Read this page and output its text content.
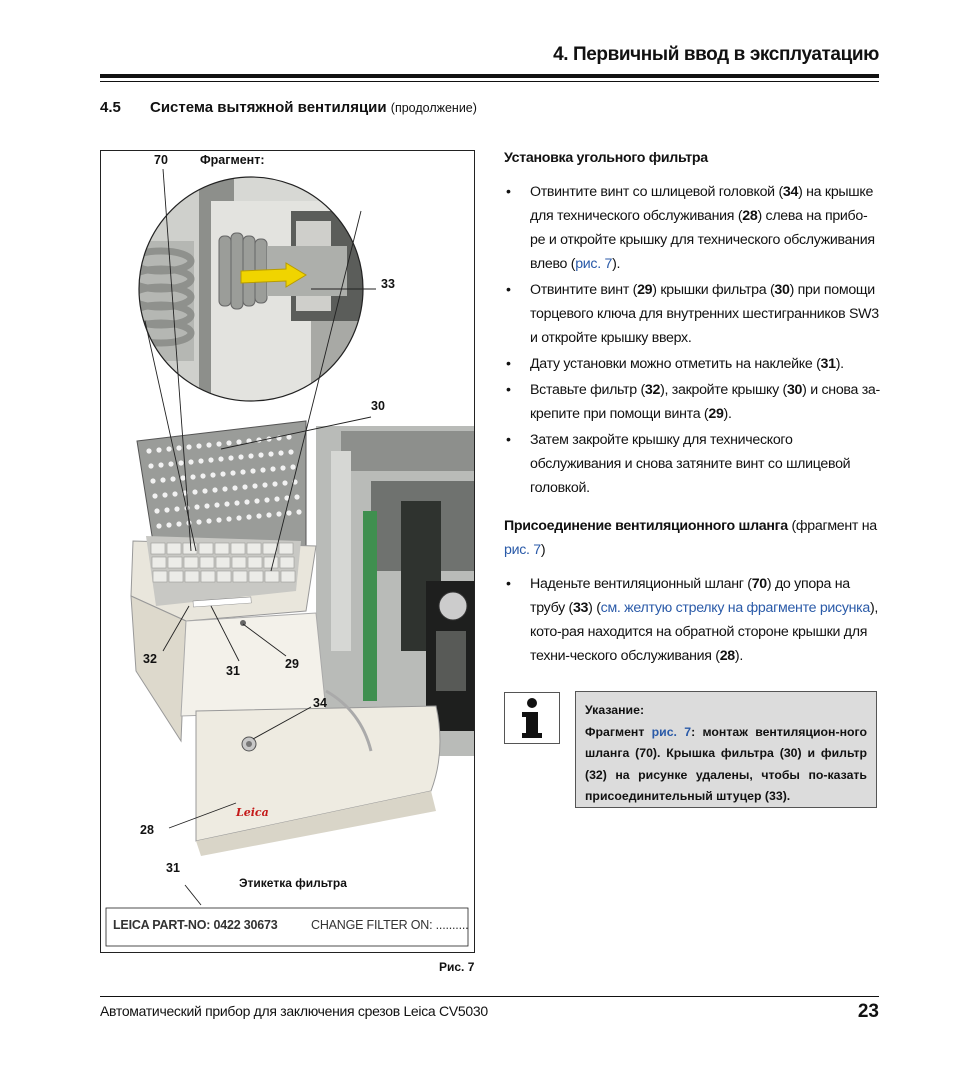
4. Первичный ввод в эксплуатацию
4.5 Система вытяжной вентиляции (продолжение)
70	Фрагмент:
33
30
32
31	29
34
28
31
Этикетка фильтра
Leica
LEICA PART-NO: 0422 30673	CHANGE FILTER ON: ..........
Рис. 7
Установка угольного фильтра
• Отвинтите винт со шлицевой головкой (34) на крышке для технического обслуживания (28) слева на прибо-ре и откройте крышку для технического обслуживания влево (рис. 7).
• Отвинтите винт (29) крышки фильтра (30) при помощи торцевого ключа для внутренних шестигранников SW3 и откройте крышку вверх.
• Дату установки можно отметить на наклейке (31).
• Вставьте фильтр (32), закройте крышку (30) и снова за-крепите при помощи винта (29).
• Затем закройте крышку для технического обслуживания и снова затяните винт со шлицевой головкой.
Присоединение вентиляционного шланга (фрагмент на рис. 7)
• Наденьте вентиляционный шланг (70) до упора на трубу (33) (см. желтую стрелку на фрагменте рисунка), кото-рая находится на обратной стороне крышки для техни-ческого обслуживания (28).

Указание:

Фрагмент рис. 7: монтаж вентиляцион-ного шланга (70). Крышка фильтра (30) и фильтр (32) на рисунке удалены, чтобы по-казать присоединительный штуцер (33).

Автоматический прибор для заключения срезов Leica CV5030	23
